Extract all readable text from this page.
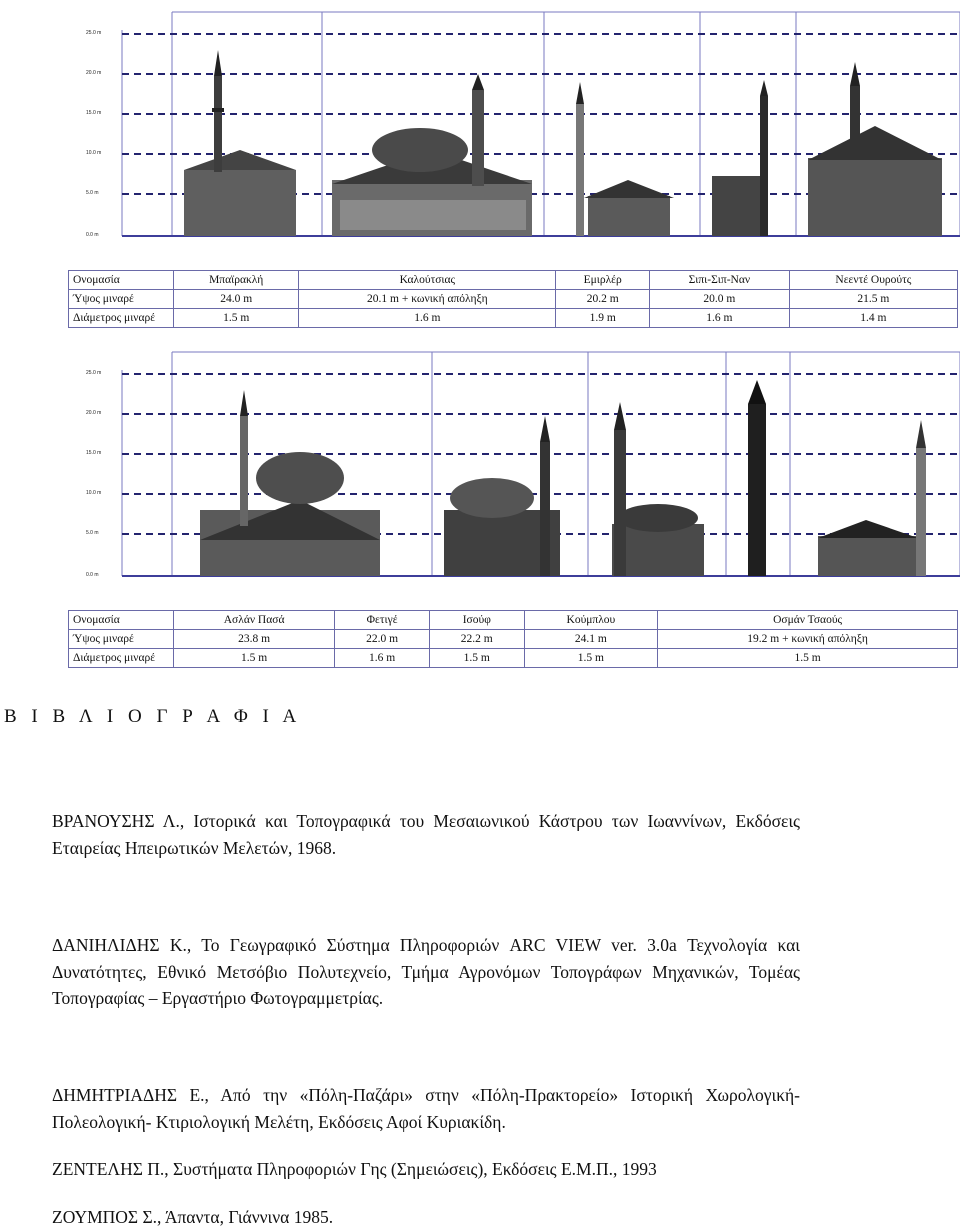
25.0 m
20.0 m
15.0 m
10.0 m
5.0 m
0.0 m
Ονομασία	Μπαϊρακλή	Καλούτσιας	Εμιρλέρ	Σιπι-Σιπ-Ναν	Νεεντέ Ουρούτς
Ύψος μιναρέ	24.0 m	20.1 m + κωνική απόληξη	20.2 m	20.0 m	21.5 m
Διάμετρος μιναρέ	1.5 m	1.6 m	1.9 m	1.6 m	1.4 m
25.0 m
20.0 m
15.0 m
10.0 m
5.0 m
0.0 m
Ονομασία	Ασλάν Πασά	Φετιγέ	Ισούφ	Κούμπλου	Οσμάν Τσαούς
Ύψος μιναρέ	23.8 m	22.0 m	22.2 m	24.1 m	19.2 m + κωνική απόληξη
Διάμετρος μιναρέ	1.5 m	1.6 m	1.5 m	1.5 m	1.5 m
Β Ι Β Λ Ι Ο Γ Ρ Α Φ Ι Α

ΒΡΑΝΟΥΣΗΣ Λ., Ιστορικά και Τοπογραφικά του Μεσαιωνικού Κάστρου των Ιωαννίνων, Εκδόσεις Εταιρείας Ηπειρωτικών Μελετών, 1968.

ΔΑΝΙΗΛΙΔΗΣ Κ., Το Γεωγραφικό Σύστημα Πληροφοριών ARC VIEW ver. 3.0a Τεχνολογία και Δυνατότητες, Εθνικό Μετσόβιο Πολυτεχνείο, Τμήμα Αγρονόμων Τοπογράφων Μηχανικών, Τομέας Τοπογραφίας – Εργαστήριο Φωτογραμμετρίας.

ΔΗΜΗΤΡΙΑΔΗΣ Ε., Από την «Πόλη-Παζάρι» στην «Πόλη-Πρακτορείο» Ιστορική Χωρολογική-Πολεολογική- Κτιριολογική Μελέτη, Εκδόσεις Αφοί Κυριακίδη.

ΖΕΝΤΕΛΗΣ Π., Συστήματα Πληροφοριών Γης (Σημειώσεις), Εκδόσεις Ε.Μ.Π., 1993

ΖΟΥΜΠΟΣ Σ., Άπαντα, Γιάννινα 1985.
